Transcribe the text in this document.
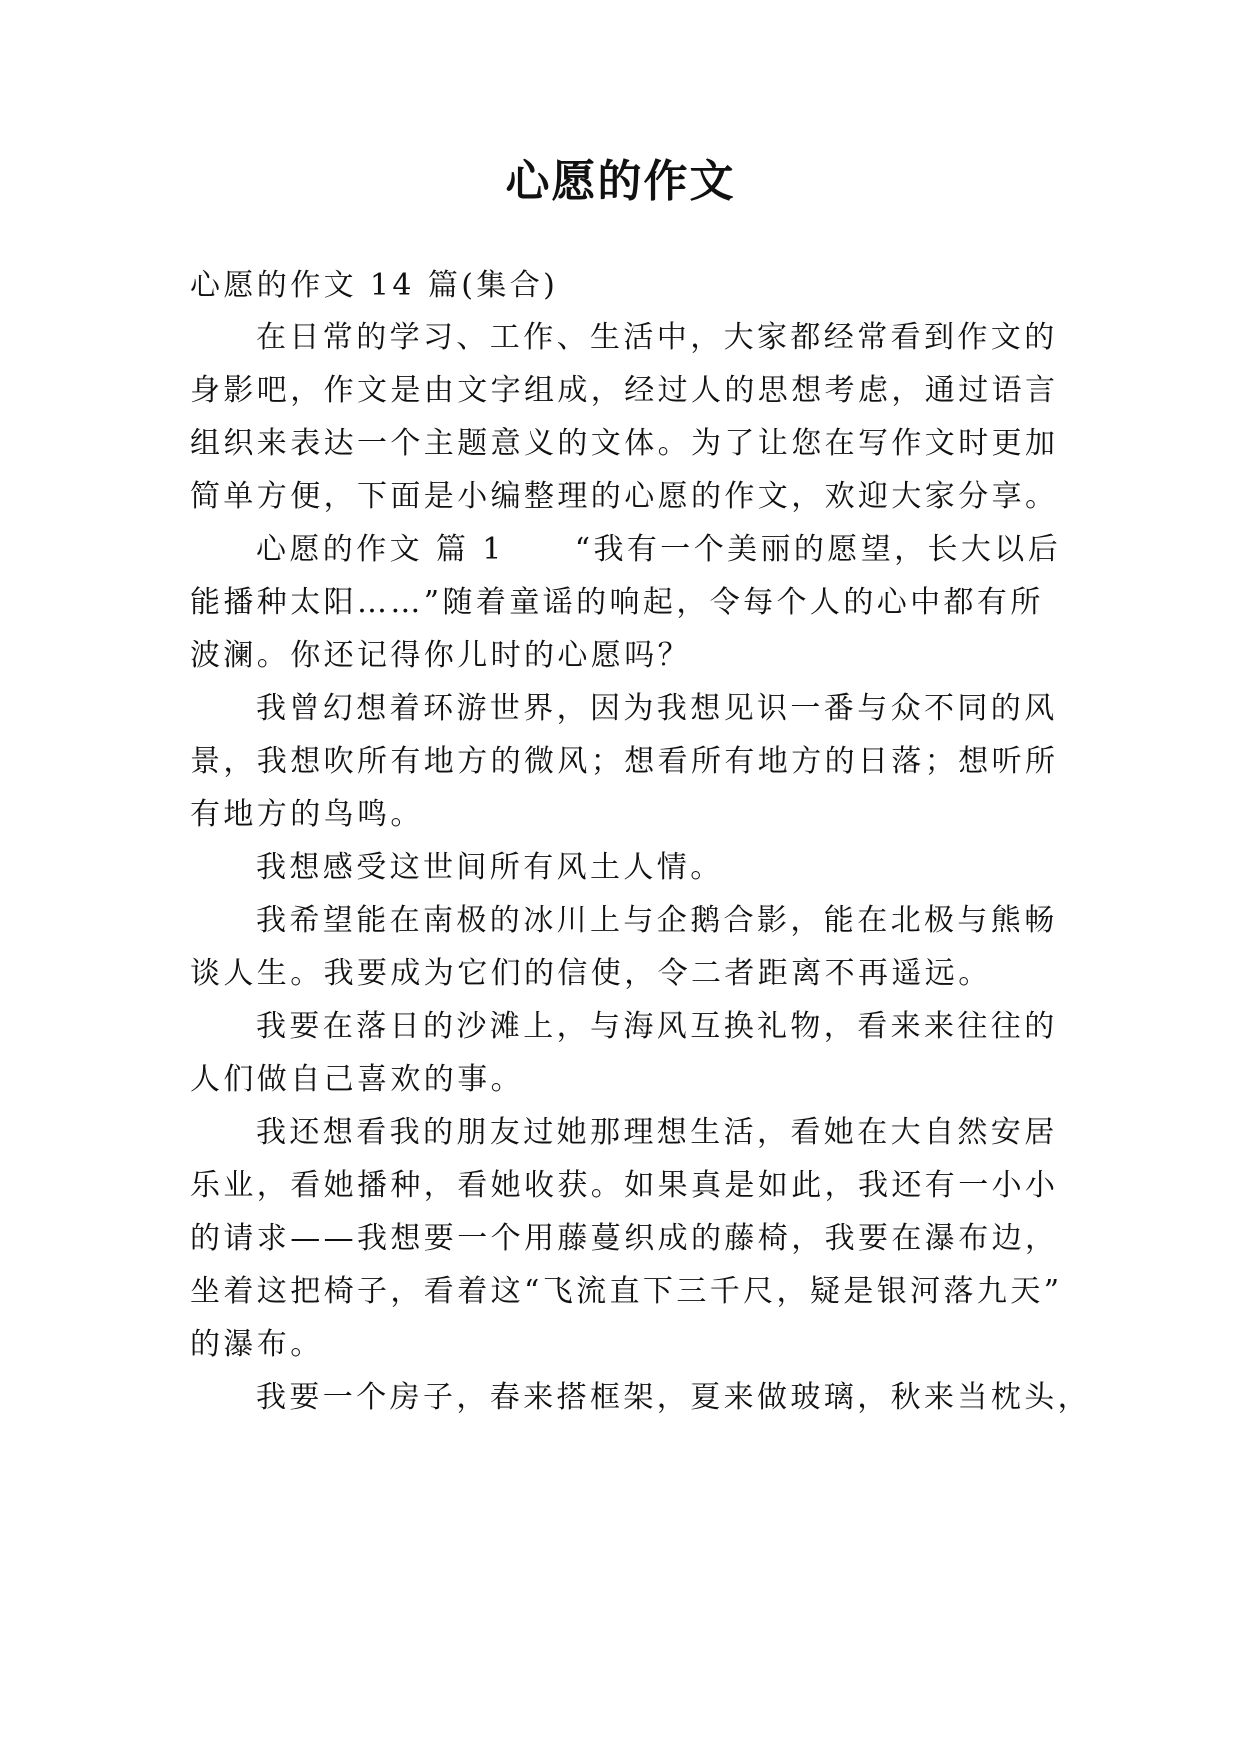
心愿的作文
心愿的作文 14 篇(集合)
在日常的学习、工作、生活中，大家都经常看到作文的
身影吧，作文是由文字组成，经过人的思想考虑，通过语言
组织来表达一个主题意义的文体。为了让您在写作文时更加
简单方便，下面是小编整理的心愿的作文，欢迎大家分享。
心愿的作文 篇 1 “我有一个美丽的愿望，长大以后
能播种太阳……”随着童谣的响起，令每个人的心中都有所
波澜。你还记得你儿时的心愿吗？
我曾幻想着环游世界，因为我想见识一番与众不同的风
景，我想吹所有地方的微风；想看所有地方的日落；想听所
有地方的鸟鸣。
我想感受这世间所有风土人情。
我希望能在南极的冰川上与企鹅合影，能在北极与熊畅
谈人生。我要成为它们的信使，令二者距离不再遥远。
我要在落日的沙滩上，与海风互换礼物，看来来往往的
人们做自己喜欢的事。
我还想看我的朋友过她那理想生活，看她在大自然安居
乐业，看她播种，看她收获。如果真是如此，我还有一小小
的请求——我想要一个用藤蔓织成的藤椅，我要在瀑布边，
坐着这把椅子，看着这“飞流直下三千尺，疑是银河落九天”
的瀑布。
我要一个房子，春来搭框架，夏来做玻璃，秋来当枕头，
